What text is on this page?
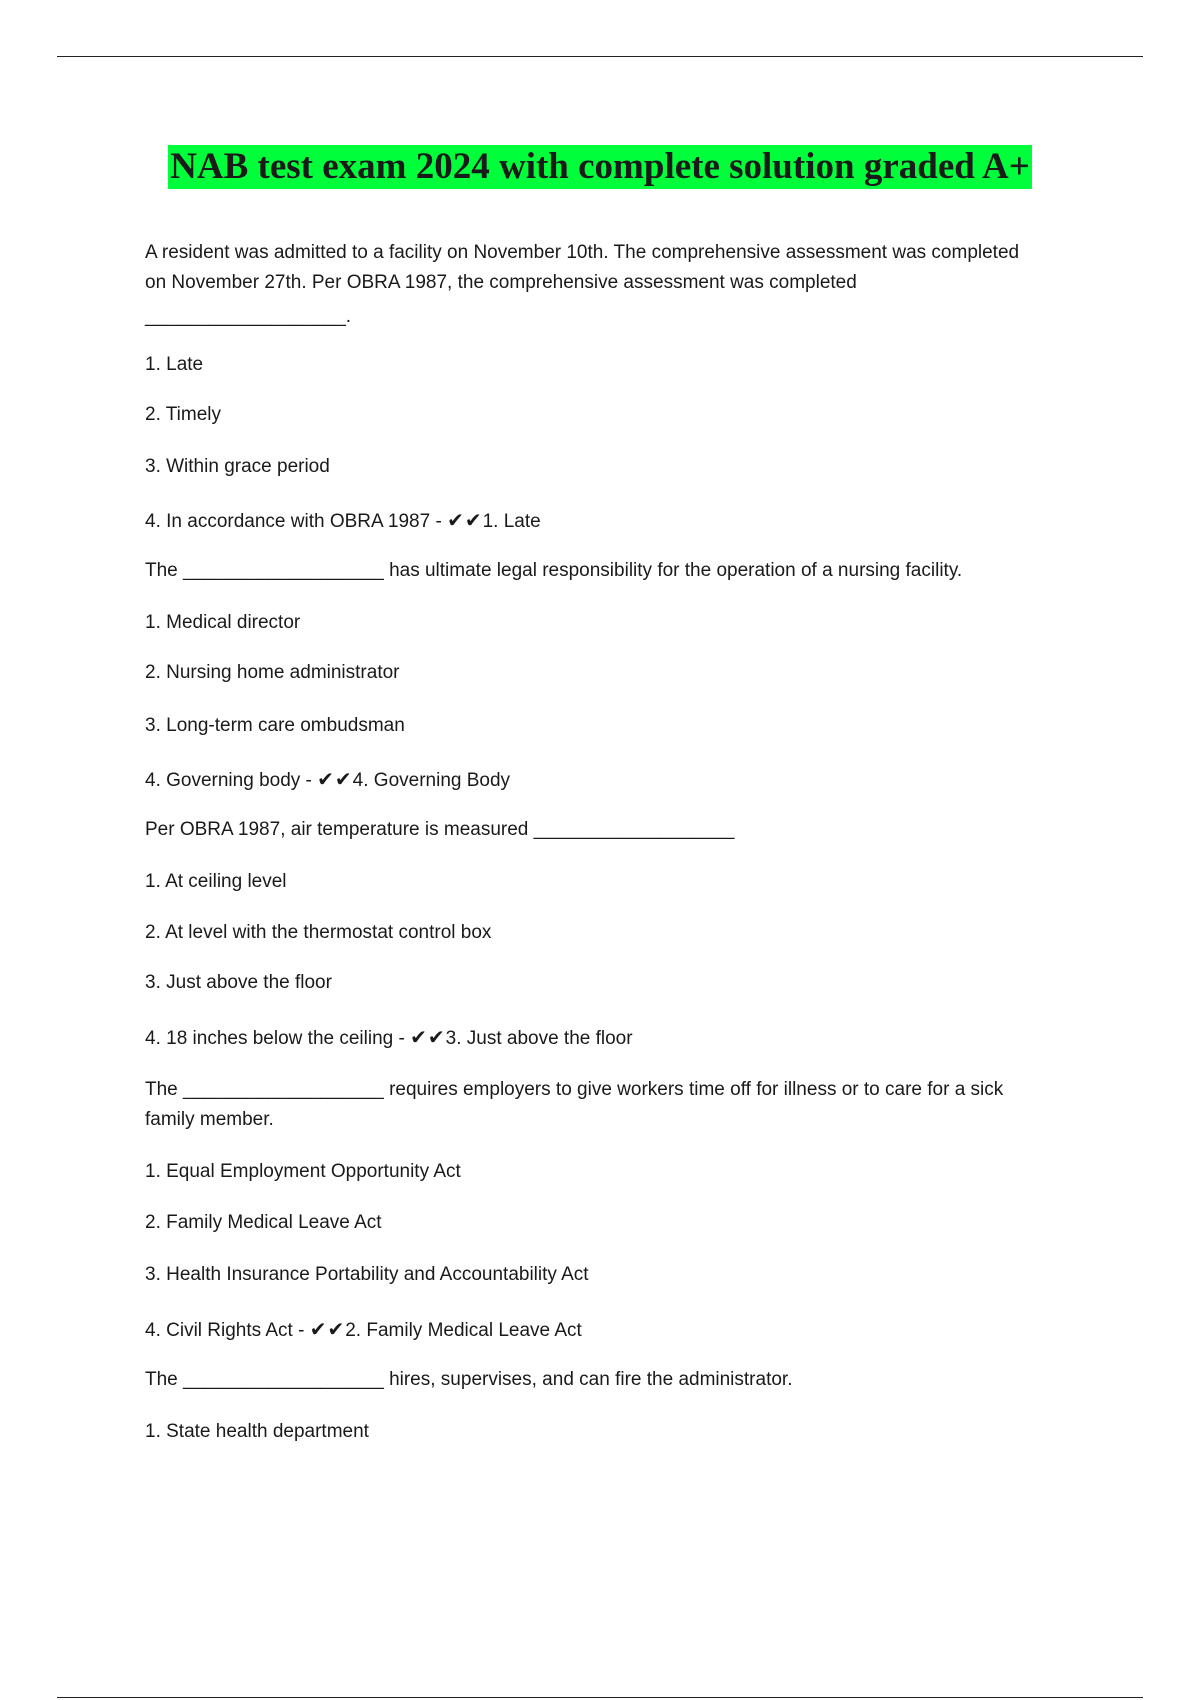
NAB test exam 2024 with complete solution graded A+

A resident was admitted to a facility on November 10th. The comprehensive assessment was completed

on November 27th. Per OBRA 1987, the comprehensive assessment was completed

___________________.

1. Late

2. Timely

3. Within grace period

4. In accordance with OBRA 1987 - ✔✔1. Late

The ___________________ has ultimate legal responsibility for the operation of a nursing facility.

1. Medical director

2. Nursing home administrator

3. Long-term care ombudsman

4. Governing body - ✔✔4. Governing Body

Per OBRA 1987, air temperature is measured ___________________

1. At ceiling level

2. At level with the thermostat control box

3. Just above the floor

4. 18 inches below the ceiling - ✔✔3. Just above the floor

The ___________________ requires employers to give workers time off for illness or to care for a sick

family member.

1. Equal Employment Opportunity Act

2. Family Medical Leave Act

3. Health Insurance Portability and Accountability Act

4. Civil Rights Act - ✔✔2. Family Medical Leave Act

The ___________________ hires, supervises, and can fire the administrator.

1. State health department
